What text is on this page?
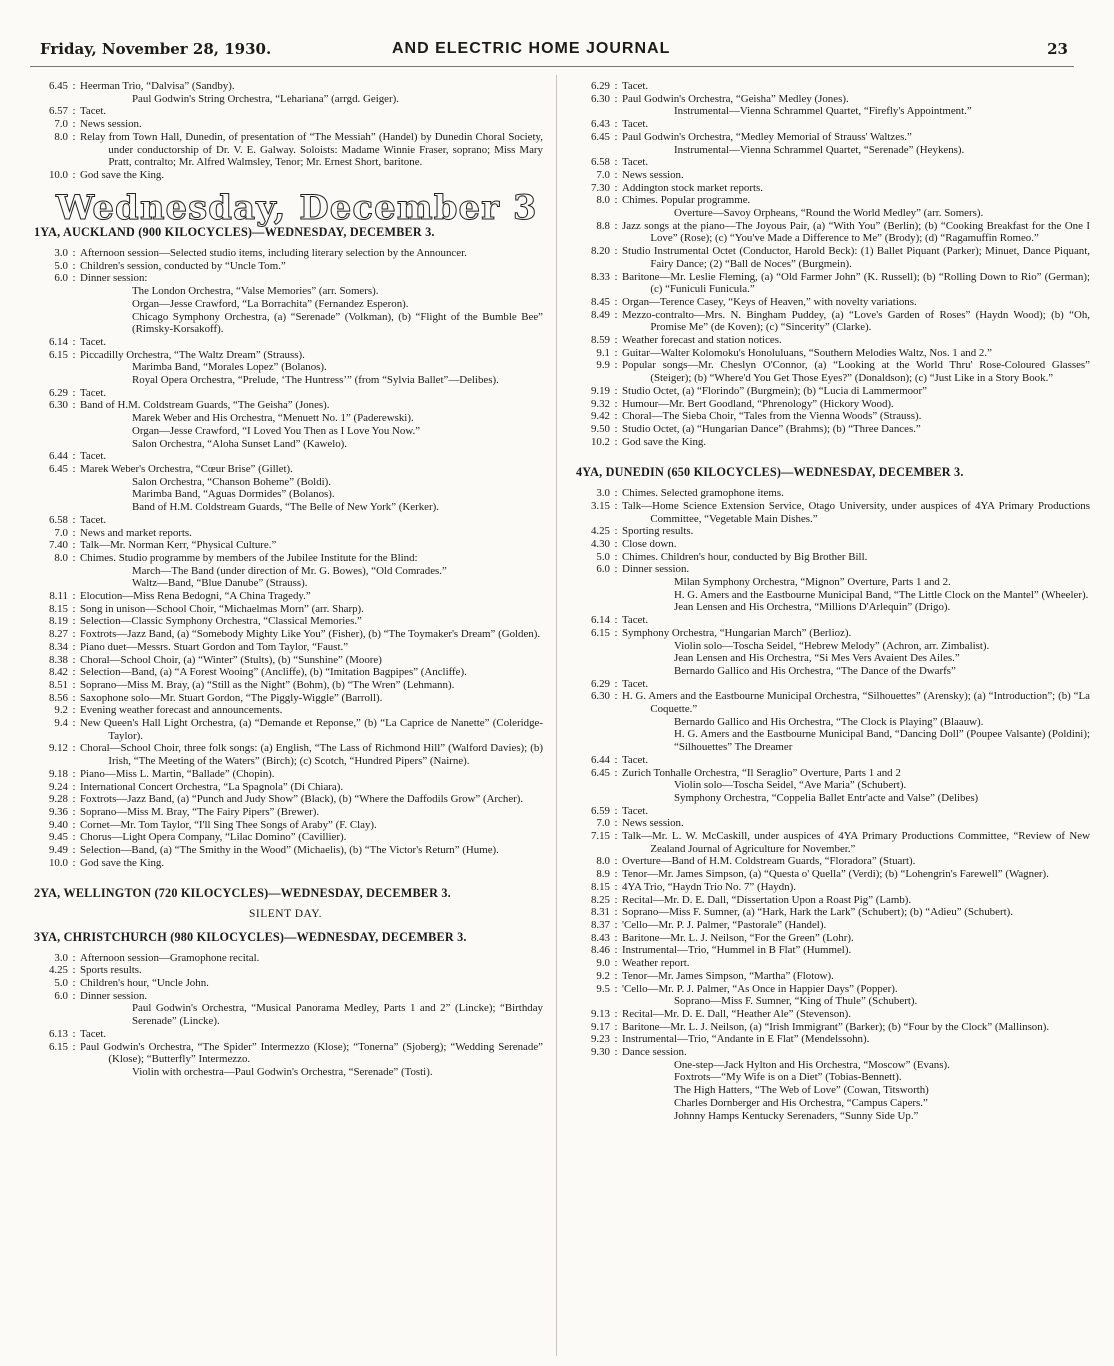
Friday, November 28, 1930.	AND ELECTRIC HOME JOURNAL	23
6.45 : Heerman Trio, “Dalvisa” (Sandby).
Paul Godwin's String Orchestra, “Lehariana” (arrgd. Geiger).
6.57 : Tacet.
7.0 : News session.
8.0 : Relay from Town Hall, Dunedin, of presentation of “The Messiah” (Handel) by Dunedin Choral Society, under conductorship of Dr. V. E. Galway. Soloists: Madame Winnie Fraser, soprano; Miss Mary Pratt, contralto; Mr. Alfred Walmsley, Tenor; Mr. Ernest Short, baritone.
10.0 : God save the King.
Wednesday, December 3
1YA, AUCKLAND (900 KILOCYCLES)—WEDNESDAY, DECEMBER 3.
3.0 : Afternoon session—Selected studio items, including literary selection by the Announcer.
5.0 : Children's session, conducted by “Uncle Tom.”
6.0 : Dinner session:
The London Orchestra, “Valse Memories” (arr. Somers).
Organ—Jesse Crawford, “La Borrachita” (Fernandez Esperon).
Chicago Symphony Orchestra, (a) “Serenade” (Volkman), (b) “Flight of the Bumble Bee” (Rimsky-Korsakoff).
6.14 : Tacet.
6.15 : Piccadilly Orchestra, “The Waltz Dream” (Strauss).
Marimba Band, “Morales Lopez” (Bolanos).
Royal Opera Orchestra, “Prelude, ‘The Huntress’” (from “Sylvia Ballet”—Delibes).
6.29 : Tacet.
6.30 : Band of H.M. Coldstream Guards, “The Geisha” (Jones).
Marek Weber and His Orchestra, “Menuett No. 1” (Paderewski).
Organ—Jesse Crawford, “I Loved You Then as I Love You Now.”
Salon Orchestra, “Aloha Sunset Land” (Kawelo).
6.44 : Tacet.
6.45 : Marek Weber's Orchestra, “Cœur Brise” (Gillet).
Salon Orchestra, “Chanson Boheme” (Boldi).
Marimba Band, “Aguas Dormides” (Bolanos).
Band of H.M. Coldstream Guards, “The Belle of New York” (Kerker).
6.58 : Tacet.
7.0 : News and market reports.
7.40 : Talk—Mr. Norman Kerr, “Physical Culture.”
8.0 : Chimes. Studio programme by members of the Jubilee Institute for the Blind:
March—The Band (under direction of Mr. G. Bowes), “Old Comrades.”
Waltz—Band, “Blue Danube” (Strauss).
8.11 : Elocution—Miss Rena Bedogni, “A China Tragedy.”
8.15 : Song in unison—School Choir, “Michaelmas Morn” (arr. Sharp).
8.19 : Selection—Classic Symphony Orchestra, “Classical Memories.”
8.27 : Foxtrots—Jazz Band, (a) “Somebody Mighty Like You” (Fisher), (b) “The Toymaker's Dream” (Golden).
8.34 : Piano duet—Messrs. Stuart Gordon and Tom Taylor, “Faust.”
8.38 : Choral—School Choir, (a) “Winter” (Stults), (b) “Sunshine” (Moore)
8.42 : Selection—Band, (a) “A Forest Wooing” (Ancliffe), (b) “Imitation Bagpipes” (Ancliffe).
8.51 : Soprano—Miss M. Bray, (a) “Still as the Night” (Bohm), (b) “The Wren” (Lehmann).
8.56 : Saxophone solo—Mr. Stuart Gordon, “The Piggly-Wiggle” (Barroll).
9.2 : Evening weather forecast and announcements.
9.4 : New Queen's Hall Light Orchestra, (a) “Demande et Reponse,” (b) “La Caprice de Nanette” (Coleridge-Taylor).
9.12 : Choral—School Choir, three folk songs: (a) English, “The Lass of Richmond Hill” (Walford Davies); (b) Irish, “The Meeting of the Waters” (Birch); (c) Scotch, “Hundred Pipers” (Nairne).
9.18 : Piano—Miss L. Martin, “Ballade” (Chopin).
9.24 : International Concert Orchestra, “La Spagnola” (Di Chiara).
9.28 : Foxtrots—Jazz Band, (a) “Punch and Judy Show” (Black), (b) “Where the Daffodils Grow” (Archer).
9.36 : Soprano—Miss M. Bray, “The Fairy Pipers” (Brewer).
9.40 : Cornet—Mr. Tom Taylor, “I'll Sing Thee Songs of Araby” (F. Clay).
9.45 : Chorus—Light Opera Company, “Lilac Domino” (Cavillier).
9.49 : Selection—Band, (a) “The Smithy in the Wood” (Michaelis), (b) “The Victor's Return” (Hume).
10.0 : God save the King.
2YA, WELLINGTON (720 KILOCYCLES)—WEDNESDAY, DECEMBER 3.
SILENT DAY.
3YA, CHRISTCHURCH (980 KILOCYCLES)—WEDNESDAY, DECEMBER 3.
3.0 : Afternoon session—Gramophone recital.
4.25 : Sports results.
5.0 : Children's hour, “Uncle John.
6.0 : Dinner session.
Paul Godwin's Orchestra, “Musical Panorama Medley, Parts 1 and 2” (Lincke); “Birthday Serenade” (Lincke).
6.13 : Tacet.
6.15 : Paul Godwin's Orchestra, “The Spider” Intermezzo (Klose); “Tonerna” (Sjoberg); “Wedding Serenade” (Klose); “Butterfly” Intermezzo.
Violin with orchestra—Paul Godwin's Orchestra, “Serenade” (Tosti).
6.29 : Tacet.
6.30 : Paul Godwin's Orchestra, “Geisha” Medley (Jones).
Instrumental—Vienna Schrammel Quartet, “Firefly's Appointment.”
6.43 : Tacet.
6.45 : Paul Godwin's Orchestra, “Medley Memorial of Strauss' Waltzes.”
Instrumental—Vienna Schrammel Quartet, “Serenade” (Heykens).
6.58 : Tacet.
7.0 : News session.
7.30 : Addington stock market reports.
8.0 : Chimes. Popular programme.
Overture—Savoy Orpheans, “Round the World Medley” (arr. Somers).
8.8 : Jazz songs at the piano—The Joyous Pair, (a) “With You” (Berlin); (b) “Cooking Breakfast for the One I Love” (Rose); (c) “You've Made a Difference to Me” (Brody); (d) “Ragamuffin Romeo.”
8.20 : Studio Instrumental Octet (Conductor, Harold Beck): (1) Ballet Piquant (Parker); Minuet, Dance Piquant, Fairy Dance; (2) “Ball de Noces” (Burgmein).
8.33 : Baritone—Mr. Leslie Fleming, (a) “Old Farmer John” (K. Russell); (b) “Rolling Down to Rio” (German); (c) “Funiculi Funicula.”
8.45 : Organ—Terence Casey, “Keys of Heaven,” with novelty variations.
8.49 : Mezzo-contralto—Mrs. N. Bingham Puddey, (a) “Love's Garden of Roses” (Haydn Wood); (b) “Oh, Promise Me” (de Koven); (c) “Sincerity” (Clarke).
8.59 : Weather forecast and station notices.
9.1 : Guitar—Walter Kolomoku's Honoluluans, “Southern Melodies Waltz, Nos. 1 and 2.”
9.9 : Popular songs—Mr. Cheslyn O'Connor, (a) “Looking at the World Thru' Rose-Coloured Glasses” (Steiger); (b) “Where'd You Get Those Eyes?” (Donaldson); (c) “Just Like in a Story Book.”
9.19 : Studio Octet, (a) “Florindo” (Burgmein); (b) “Lucia di Lammermoor”
9.32 : Humour—Mr. Bert Goodland, “Phrenology” (Hickory Wood).
9.42 : Choral—The Sieba Choir, “Tales from the Vienna Woods” (Strauss).
9.50 : Studio Octet, (a) “Hungarian Dance” (Brahms); (b) “Three Dances.”
10.2 : God save the King.
4YA, DUNEDIN (650 KILOCYCLES)—WEDNESDAY, DECEMBER 3.
3.0 : Chimes. Selected gramophone items.
3.15 : Talk—Home Science Extension Service, Otago University, under auspices of 4YA Primary Productions Committee, “Vegetable Main Dishes.”
4.25 : Sporting results.
4.30 : Close down.
5.0 : Chimes. Children's hour, conducted by Big Brother Bill.
6.0 : Dinner session.
Milan Symphony Orchestra, “Mignon” Overture, Parts 1 and 2.
H. G. Amers and the Eastbourne Municipal Band, “The Little Clock on the Mantel” (Wheeler).
Jean Lensen and His Orchestra, “Millions D'Arlequin” (Drigo).
6.14 : Tacet.
6.15 : Symphony Orchestra, “Hungarian March” (Berlioz).
Violin solo—Toscha Seidel, “Hebrew Melody” (Achron, arr. Zimbalist).
Jean Lensen and His Orchestra, “Si Mes Vers Avaient Des Ailes.”
Bernardo Gallico and His Orchestra, “The Dance of the Dwarfs”
6.29 : Tacet.
6.30 : H. G. Amers and the Eastbourne Municipal Orchestra, “Silhouettes” (Arensky); (a) “Introduction”; (b) “La Coquette.”
Bernardo Gallico and His Orchestra, “The Clock is Playing” (Blaauw).
H. G. Amers and the Eastbourne Municipal Band, “Dancing Doll” (Poupee Valsante) (Poldini); “Silhouettes” The Dreamer
6.44 : Tacet.
6.45 : Zurich Tonhalle Orchestra, “Il Seraglio” Overture, Parts 1 and 2
Violin solo—Toscha Seidel, “Ave Maria” (Schubert).
Symphony Orchestra, “Coppelia Ballet Entr'acte and Valse” (Delibes)
6.59 : Tacet.
7.0 : News session.
7.15 : Talk—Mr. L. W. McCaskill, under auspices of 4YA Primary Productions Committee, “Review of New Zealand Journal of Agriculture for November.”
8.0 : Overture—Band of H.M. Coldstream Guards, “Floradora” (Stuart).
8.9 : Tenor—Mr. James Simpson, (a) “Questa o' Quella” (Verdi); (b) “Lohengrin's Farewell” (Wagner).
8.15 : 4YA Trio, “Haydn Trio No. 7” (Haydn).
8.25 : Recital—Mr. D. E. Dall, “Dissertation Upon a Roast Pig” (Lamb).
8.31 : Soprano—Miss F. Sumner, (a) “Hark, Hark the Lark” (Schubert); (b) “Adieu” (Schubert).
8.37 : 'Cello—Mr. P. J. Palmer, “Pastorale” (Handel).
8.43 : Baritone—Mr. L. J. Neilson, “For the Green” (Lohr).
8.46 : Instrumental—Trio, “Hummel in B Flat” (Hummel).
9.0 : Weather report.
9.2 : Tenor—Mr. James Simpson, “Martha” (Flotow).
9.5 : 'Cello—Mr. P. J. Palmer, “As Once in Happier Days” (Popper).
Soprano—Miss F. Sumner, “King of Thule” (Schubert).
9.13 : Recital—Mr. D. E. Dall, “Heather Ale” (Stevenson).
9.17 : Baritone—Mr. L. J. Neilson, (a) “Irish Immigrant” (Barker); (b) “Four by the Clock” (Mallinson).
9.23 : Instrumental—Trio, “Andante in E Flat” (Mendelssohn).
9.30 : Dance session.
One-step—Jack Hylton and His Orchestra, “Moscow” (Evans).
Foxtrots—“My Wife is on a Diet” (Tobias-Bennett).
The High Hatters, “The Web of Love” (Cowan, Titsworth)
Charles Dornberger and His Orchestra, “Campus Capers.”
Johnny Hamps Kentucky Serenaders, “Sunny Side Up.”
